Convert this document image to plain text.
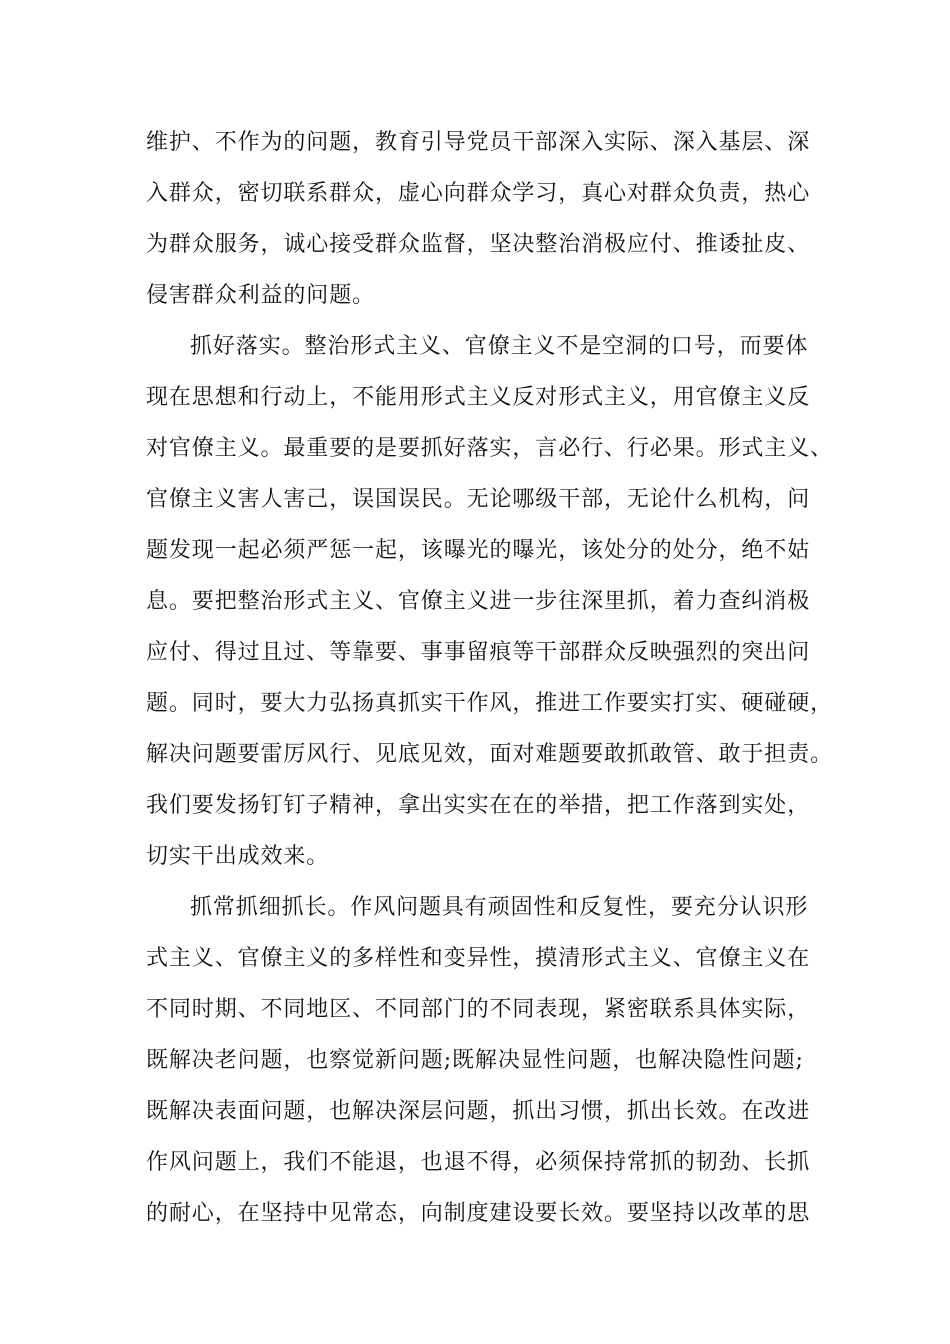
维护、不作为的问题，教育引导党员干部深入实际、深入基层、深
入群众，密切联系群众，虚心向群众学习，真心对群众负责，热心
为群众服务，诚心接受群众监督，坚决整治消极应付、推诿扯皮、
侵害群众利益的问题。
抓好落实。整治形式主义、官僚主义不是空洞的口号，而要体
现在思想和行动上，不能用形式主义反对形式主义，用官僚主义反
对官僚主义。最重要的是要抓好落实，言必行、行必果。形式主义、
官僚主义害人害己，误国误民。无论哪级干部，无论什么机构，问
题发现一起必须严惩一起，该曝光的曝光，该处分的处分，绝不姑
息。要把整治形式主义、官僚主义进一步往深里抓，着力查纠消极
应付、得过且过、等靠要、事事留痕等干部群众反映强烈的突出问
题。同时，要大力弘扬真抓实干作风，推进工作要实打实、硬碰硬，
解决问题要雷厉风行、见底见效，面对难题要敢抓敢管、敢于担责。
我们要发扬钉钉子精神，拿出实实在在的举措，把工作落到实处，
切实干出成效来。
抓常抓细抓长。作风问题具有顽固性和反复性，要充分认识形
式主义、官僚主义的多样性和变异性，摸清形式主义、官僚主义在
不同时期、不同地区、不同部门的不同表现，紧密联系具体实际，
既解决老问题，也察觉新问题;既解决显性问题，也解决隐性问题;
既解决表面问题，也解决深层问题，抓出习惯，抓出长效。在改进
作风问题上，我们不能退，也退不得，必须保持常抓的韧劲、长抓
的耐心，在坚持中见常态，向制度建设要长效。要坚持以改革的思
